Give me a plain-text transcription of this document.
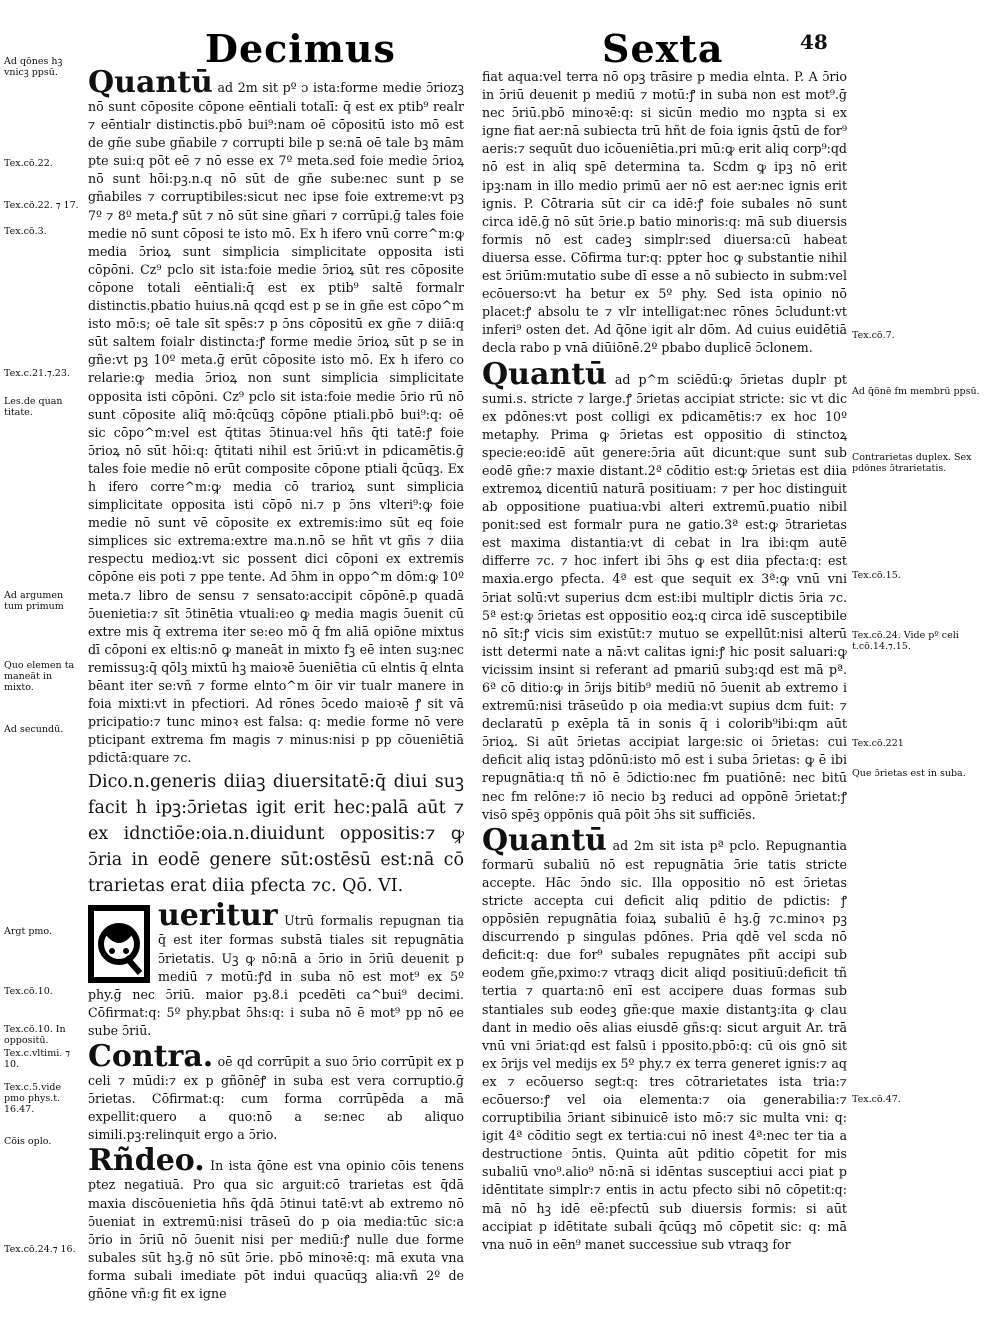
Decimus	Sexta	48

Quantū ad 2m sit pº ɔ ista:forme medie ɔ̄riozꝫ nō sunt cōposite cōpone eēntiali totalī: q̄ est ex ptib⁹ realr ⁊ eēntialr distinctis.pbō bui⁹:nam oē cōpositū isto mō est de gñe sube gñabile ⁊ corrupti bile p se:nā oē tale bꝫ mām pte sui:q pōt eē ⁊ nō esse ex 7º meta.sed foie medie ɔ̄rioꝝ nō sunt hōi:pꝫ.n.q nō sūt de gñe sube:nec sunt p se gñabiles ⁊ corruptibiles:sicut nec ipse foie extreme:vt pꝫ 7º ⁊ 8º meta.ꝭ sūt ⁊ nō sūt sine gñari ⁊ corrūpi.ḡ tales foie medie nō sunt cōposi te isto mō. Ex h ifero vnū corre^m:ꝙ media ɔ̄rioꝝ sunt simplicia simplicitate opposita isti cōpōni. Cz⁹ pclo sit ista:foie medie ɔ̄rioꝝ sūt res cōposite cōpone totali eēntiali:q̄ est ex ptib⁹ saltē formalr distinctis.pbatio huius.nā qcqd est p se in gñe est cōpo^m isto mō:s; oē tale sīt spēs:⁊ p ɔ̄ns cōpositū ex gñe ⁊ diiā:q sūt saltem foialr distincta:ꝭ forme medie ɔ̄rioꝝ sūt p se in gñe:vt pꝫ 10º meta.ḡ erūt cōposite isto mō. Ex h ifero co relarie:ꝙ media ɔ̄rioꝝ non sunt simplicia simplicitate opposita isti cōpōni. Cz⁹ pclo sit ista:foie medie ɔ̄rio rū nō sunt cōposite aliq̄ mō:q̄cūqꝫ cōpōne ptiali.pbō bui⁹:q: oē sic cōpo^m:vel est q̄titas ɔ̄tinua:vel hñs q̄ti tatē:ꝭ foie ɔ̄rioꝝ nō sūt hōi:q: q̄titati nihil est ɔ̄riū:vt in pdicamētis.ḡ tales foie medie nō erūt composite cōpone ptiali q̄cūqꝫ. Ex h ifero corre^m:ꝙ media cō trarioꝝ sunt simplicia simplicitate opposita isti cōpō ni.⁊ p ɔ̄ns vlteri⁹:ꝙ foie medie nō sunt vē cōposite ex extremis:imo sūt eq foie simplices sic extrema:extre ma.n.nō se hñt vt gñs ⁊ diia respectu medioꝝ:vt sic possent dici cōponi ex extremis cōpōne eis poti ⁊ ppe tente. Ad ɔ̄hm in oppo^m dōm:ꝙ 10º meta.⁊ libro de sensu ⁊ sensato:accipit cōpōnē.p quadā ɔ̄uenietia:⁊ sīt ɔ̄tinētia vtuali:eo ꝙ media magis ɔ̄uenit cū extre mis q̄ extrema iter se:eo mō q̄ fm aliā opiōne mixtus dī cōponi ex eltis:nō ꝙ maneāt in mixto fꝫ eē inten suꝫ:nec remissuꝫ:q̄ qōlꝫ mixtū hꝫ maioꝛē ɔ̄ueniētia cū elntis q̄ elnta bēant iter se:vñ ⁊ forme elnto^m ōir vir tualr manere in foia mixti:vt in pfectiori. Ad rōnes ɔ̄cedo maioꝛē ꝭ sit vā pricipatio:⁊ tunc minoꝛ est falsa: q: medie forme nō vere pticipant extrema fm magis ⁊ minus:nisi p pp cōueniētiā pdictā:quare ⁊c.

Dico.n.generis diiaꝫ diuersitatē:q̄ diui suꝫ facit h ipꝫ:ɔ̄rietas igit erit hec:palā aūt ⁊ ex idnctiōe:oia.n.diuidunt oppositis:⁊ ꝙ ɔ̄ria in eodē genere sūt:ostēsū est:nā cō trarietas erat diia pfecta ⁊c. Qō. VI.

ueritur Utrū formalis repugnan tia q̄ est iter formas substā tiales sit repugnātia ɔ̄rietatis. Uꝫ ꝙ nō:nā a ɔ̄rio in ɔ̄riū deuenit p mediū ⁊ motū:ꝭd in suba nō est mot⁹ ex 5º phy.ḡ nec ɔ̄riū. maior pꝫ.8.i pcedēti ca^bui⁹ decimi. Cōfirmat:q: 5º phy.pbat ɔ̄hs:q: i suba nō ē mot⁹ pp nō ee sube ɔ̄riū.

Contra. oē qd corrūpit a suo ɔ̄rio corrūpit ex p celi ⁊ mūdi:⁊ ex p gñōnēꝭ in suba est vera corruptio.ḡ ɔ̄rietas. Cōfirmat:q: cum forma corrūpēda a mā expellit:quero a quo:nō a se:nec ab aliquo simili.pꝫ:relinquit ergo a ɔ̄rio.

Rñdeo. In ista q̄ōne est vna opinio cōis tenens ptez negatiuā. Pro qua sic arguit:cō trarietas est q̄dā maxia discōuenietia hñs q̄dā ɔ̄tinui tatē:vt ab extremo nō ɔ̄ueniat in extremū:nisi trāseū do p oia media:tūc sic:a ɔ̄rio in ɔ̄riū nō ɔ̄uenit nisi per mediū:ꝭ nulle due forme subales sūt hꝫ.ḡ nō sūt ɔ̄rie. pbō minoꝛē:q: mā exuta vna forma subali imediate pōt indui quacūqꝫ alia:vñ 2º de gñōne vñ:g fit ex igne

fiat aqua:vel terra nō opꝫ trāsire p media elnta. P. A ɔ̄rio in ɔ̄riū deuenit p mediū ⁊ motū:ꝭ in suba non est mot⁹.ḡ nec ɔ̄riū.pbō minoꝛē:q: si sicūn medio mo nꝫpta si ex igne fiat aer:nā subiecta trū hñt de foia ignis q̄stū de for⁹ aeris:⁊ sequūt duo icōueniētia.pri mū:ꝙ erit aliq corp⁹:qd nō est in aliq spē determina ta. Scdm ꝙ ipꝫ nō erit ipꝫ:nam in illo medio primū aer nō est aer:nec ignis erit ignis. P. Cōtraria sūt cir ca idē:ꝭ foie subales nō sunt circa idē.ḡ nō sūt ɔ̄rie.p batio minoris:q: mā sub diuersis formis nō est cadeꝫ simplr:sed diuersa:cū habeat diuersa esse. Cōfirma tur:q: ppter hoc ꝙ substantie nihil est ɔ̄riūm:mutatio sube dī esse a nō subiecto in subm:vel ecōuerso:vt ha betur ex 5º phy. Sed ista opinio nō placet:ꝭ absolu te ⁊ vlr intelligat:nec rōnes ɔ̄cludunt:vt inferi⁹ osten det. Ad q̄ōne igit alr dōm. Ad cuius euidētiā decla rabo p vnā diūiōnē.2º pbabo duplicē ɔ̄clonem.

Quantū ad p^m sciēdū:ꝙ ɔ̄rietas duplr pt sumi.s. stricte ⁊ large.ꝭ ɔ̄rietas accipiat stricte: sic vt dic ex pdōnes:vt post colligi ex pdicamētis:⁊ ex hoc 10º metaphy. Prima ꝙ ɔ̄rietas est oppositio di stinctoꝝ specie:eo:idē aūt genere:ɔ̄ria aūt dicunt:que sunt sub eodē gñe:⁊ maxie distant.2ª cōditio est:ꝙ ɔ̄rietas est diia extremoꝝ dicentiū naturā positiuam: ⁊ per hoc distinguit ab oppositione puatiua:vbi alteri extremū.puatio nibil ponit:sed est formalr pura ne gatio.3ª est:ꝙ ɔ̄trarietas est maxima distantia:vt di cebat in lra ibi:qm autē differre ⁊c. ⁊ hoc infert ibi ɔ̄hs ꝙ est diia pfecta:q: est maxia.ergo pfecta. 4ª est que sequit ex 3ª:ꝙ vnū vni ɔ̄riat solū:vt superius dcm est:ibi multiplr dictis ɔ̄ria ⁊c. 5ª est:ꝙ ɔ̄rietas est oppositio eoꝝ:q circa idē susceptibile nō sīt:ꝭ vicis sim existūt:⁊ mutuo se expellūt:nisi alterū istt determi nate a nā:vt calitas igni:ꝭ hic posit saluari:ꝙ vicissim insint si referant ad pmariū subꝫ:qd est mā pª. 6ª cō ditio:ꝙ in ɔ̄rijs bitib⁹ mediū nō ɔ̄uenit ab extremo i extremū:nisi trāseūdo p oia media:vt supius dcm fuit: ⁊ declaratū p exēpla tā in sonis q̄ i colorib⁹ibi:qm aūt ɔ̄rioꝝ. Si aūt ɔ̄rietas accipiat large:sic oi ɔ̄rietas: cui deficit aliq istaꝫ pdōnū:isto mō est i suba ɔ̄rietas: ꝙ ē ibi repugnātia:q tñ nō ē ɔ̄dictio:nec fm puatiōnē: nec bitū nec fm relōne:⁊ iō necio bꝫ reduci ad oppōnē ɔ̄rietat:ꝭ visō spēꝫ oppōnis quā pōit ɔ̄hs sit sufficiēs.

Quantū ad 2m sit ista pª pclo. Repugnantia formarū subaliū nō est repugnātia ɔ̄rie tatis stricte accepte. Hāc ɔ̄ndo sic. Illa oppositio nō est ɔ̄rietas stricte accepta cui deficit aliq pditio de pdictis: ꝭ oppōsiēn repugnātia foiaꝝ subaliū ē hꝫ.ḡ ⁊c.minoꝛ pꝫ discurrendo p singulas pdōnes. Pria qdē vel scda nō deficit:q: due for⁹ subales repugnātes pñt accipi sub eodem gñe,pximo:⁊ vtraqꝫ dicit aliqd positiuū:deficit tñ tertia ⁊ quarta:nō enī est accipere duas formas sub stantiales sub eodeꝫ gñe:que maxie distantꝫ:ita ꝙ clau dant in medio oēs alias eiusdē gñs:q: sicut arguit Ar. trā vnū vni ɔ̄riat:qd est falsū i pposito.pbō:q: cū ois gnō sit ex ɔ̄rijs vel medijs ex 5º phy.⁊ ex terra generet ignis:⁊ aq ex ⁊ ecōuerso segt:q: tres cōtrarietates ista tria:⁊ ecōuerso:ꝭ vel oia elementa:⁊ oia generabilia:⁊ corruptibilia ɔ̄riant sibinuicē isto mō:⁊ sic multa vni: q: igit 4ª cōditio segt ex tertia:cui nō inest 4ª:nec ter tia a destructione ɔ̄ntis. Quinta aūt pditio cōpetit for mis subaliū vno⁹.alio⁹ nō:nā si idēntas susceptiui acci piat p idēntitate simplr:⁊ entis in actu pfecto sibi nō cōpetit:q: mā nō hꝫ idē eē:pfectū sub diuersis formis: si aūt accipiat p idētitate subali q̄cūqꝫ mō cōpetit sic: q: mā vna nuō in eēn⁹ manet successiue sub vtraqꝫ for

Ad qōnes hꝫ vnicꝫ ppsū.
Tex.cō.22.
Tex.cō.22. ⁊ 17.
Tex.cō.3.
Tex.c.21.⁊.23.
Les.de quan titate.
Ad argumen tum primum
Quo elemen ta maneāt in mixto.
Ad secundū.
Argt pmo.
Tex.cō.10.
Tex.cō.10. In oppositū.
Tex.c.vltimi. ⁊ 10.
Tex.c.5.vide pmo phys.t. 16.47.
Cōis oplo.
Tex.cō.24.⁊ 16.
Tex.cō.7.
Ad q̄ōnē fm membrū ppsū.
Contrarietas duplex. Sex pdōnes ɔ̄trarietatis.
Tex.cō.15.
Tex.cō.24. Vide pº celi t.cō.14.⁊.15.
Tex.cō.221
Que ɔ̄rietas est in suba.
Tex.cō.47.
